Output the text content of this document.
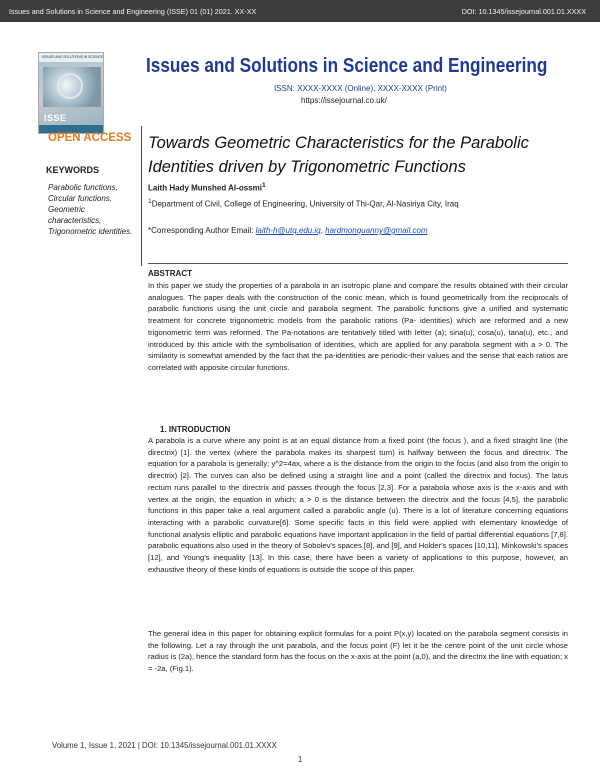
Issues and Solutions in Science and Engineering (ISSE) 01 (01) 2021. XX-XX	DOI: 10.1345/issejournal.001.01.XXXX
ISSUES AND SOLUTIONS IN SCIENCE
ISSE
Issues and Solutions in Science and Engineering
ISSN: XXXX-XXXX (Online), XXXX-XXXX (Print)
https://issejournal.co.uk/
OPEN ACCESS
KEYWORDS
Parabolic functions, Circular functions, Geometric characteristics, Trigonometric identities.
Towards Geometric Characteristics for the Parabolic Identities driven by Trigonometric Functions
Laith Hady Munshed Al-ossmi$^1$
$^1$Department of Civil, College of Engineering, University of Thi-Qar, Al-Nasiriya City, Iraq
*Corresponding Author Email: laith-h@utq.edu.iq, hardmonquanny@gmail.com
ABSTRACT
In this paper we study the properties of a parabola in an isotropic plane and compare the results obtained with their circular analogues. The paper deals with the construction of the conic mean, which is found geometrically from the reciprocals of parabolic functions using the unit circle and parabola segment. The parabolic functions give a unified and systematic treatment for concrete trigonometric models from the parabolic rations (Pa- identities) which are reformed and a new trigonometric term was reformed. The Pa-notations are tentatively titled with letter (a); sina(u), cosa(u), tana(u), etc., and introduced by this article with the symbolisation of identities, which are applied for any parabola segment with a > 0. The similarity is somewhat amended by the fact that the pa-identities are periodic-their values and the sense that each ratios are correlated with apposite circular functions.
1. INTRODUCTION
A parabola is a curve where any point is at an equal distance from a fixed point (the focus ), and a fixed straight line (the directrix) [1]. the vertex (where the parabola makes its sharpest turn) is halfway between the focus and directrix. The equation for a parabola is generally; y^2=4ax, where a is the distance from the origin to the focus (and also from the origin to directrix) [2]. The curves can also be defined using a straight line and a point (called the directrix and focus). The latus rectum runs parallel to the directrix and passes through the focus [2,3]. For a parabola whose axis is the x-axis and with vertex at the origin, the equation in which; a > 0 is the distance between the directrix and the focus [4,5], the parabolic functions in this paper take a real argument called a parabolic angle (u). There is a lot of literature concerning equations interacting with a parabolic curvature[6]. Some specific facts in this field were applied with elementary knowledge of functional analysis elliptic and parabolic equations have important application in the field of partial differential equations [7,8]. parabolic equations also used in the theory of Sobolev's spaces [8], and [9], and Holder's spaces [10,11], Minkowski's spaces [12], and Young's inequality [13]. In this case, there have been a variety of applications to this purpose, however, an exhaustive theory of these kinds of equations is outside the scope of this paper.
The general idea in this paper for obtaining explicit formulas for a point P(x,y) located on the parabola segment consists in the following. Let a ray through the unit parabola, and the focus point (F) let it be the centre point of the unit circle whose radius is (2a), hence the standard form has the focus on the x-axis at the point (a,0), and the directrix the line with equation; x = -2a, (Fig.1).
Volume 1, Issue 1, 2021 | DOI: 10.1345/issejournal.001.01.XXXX
1
